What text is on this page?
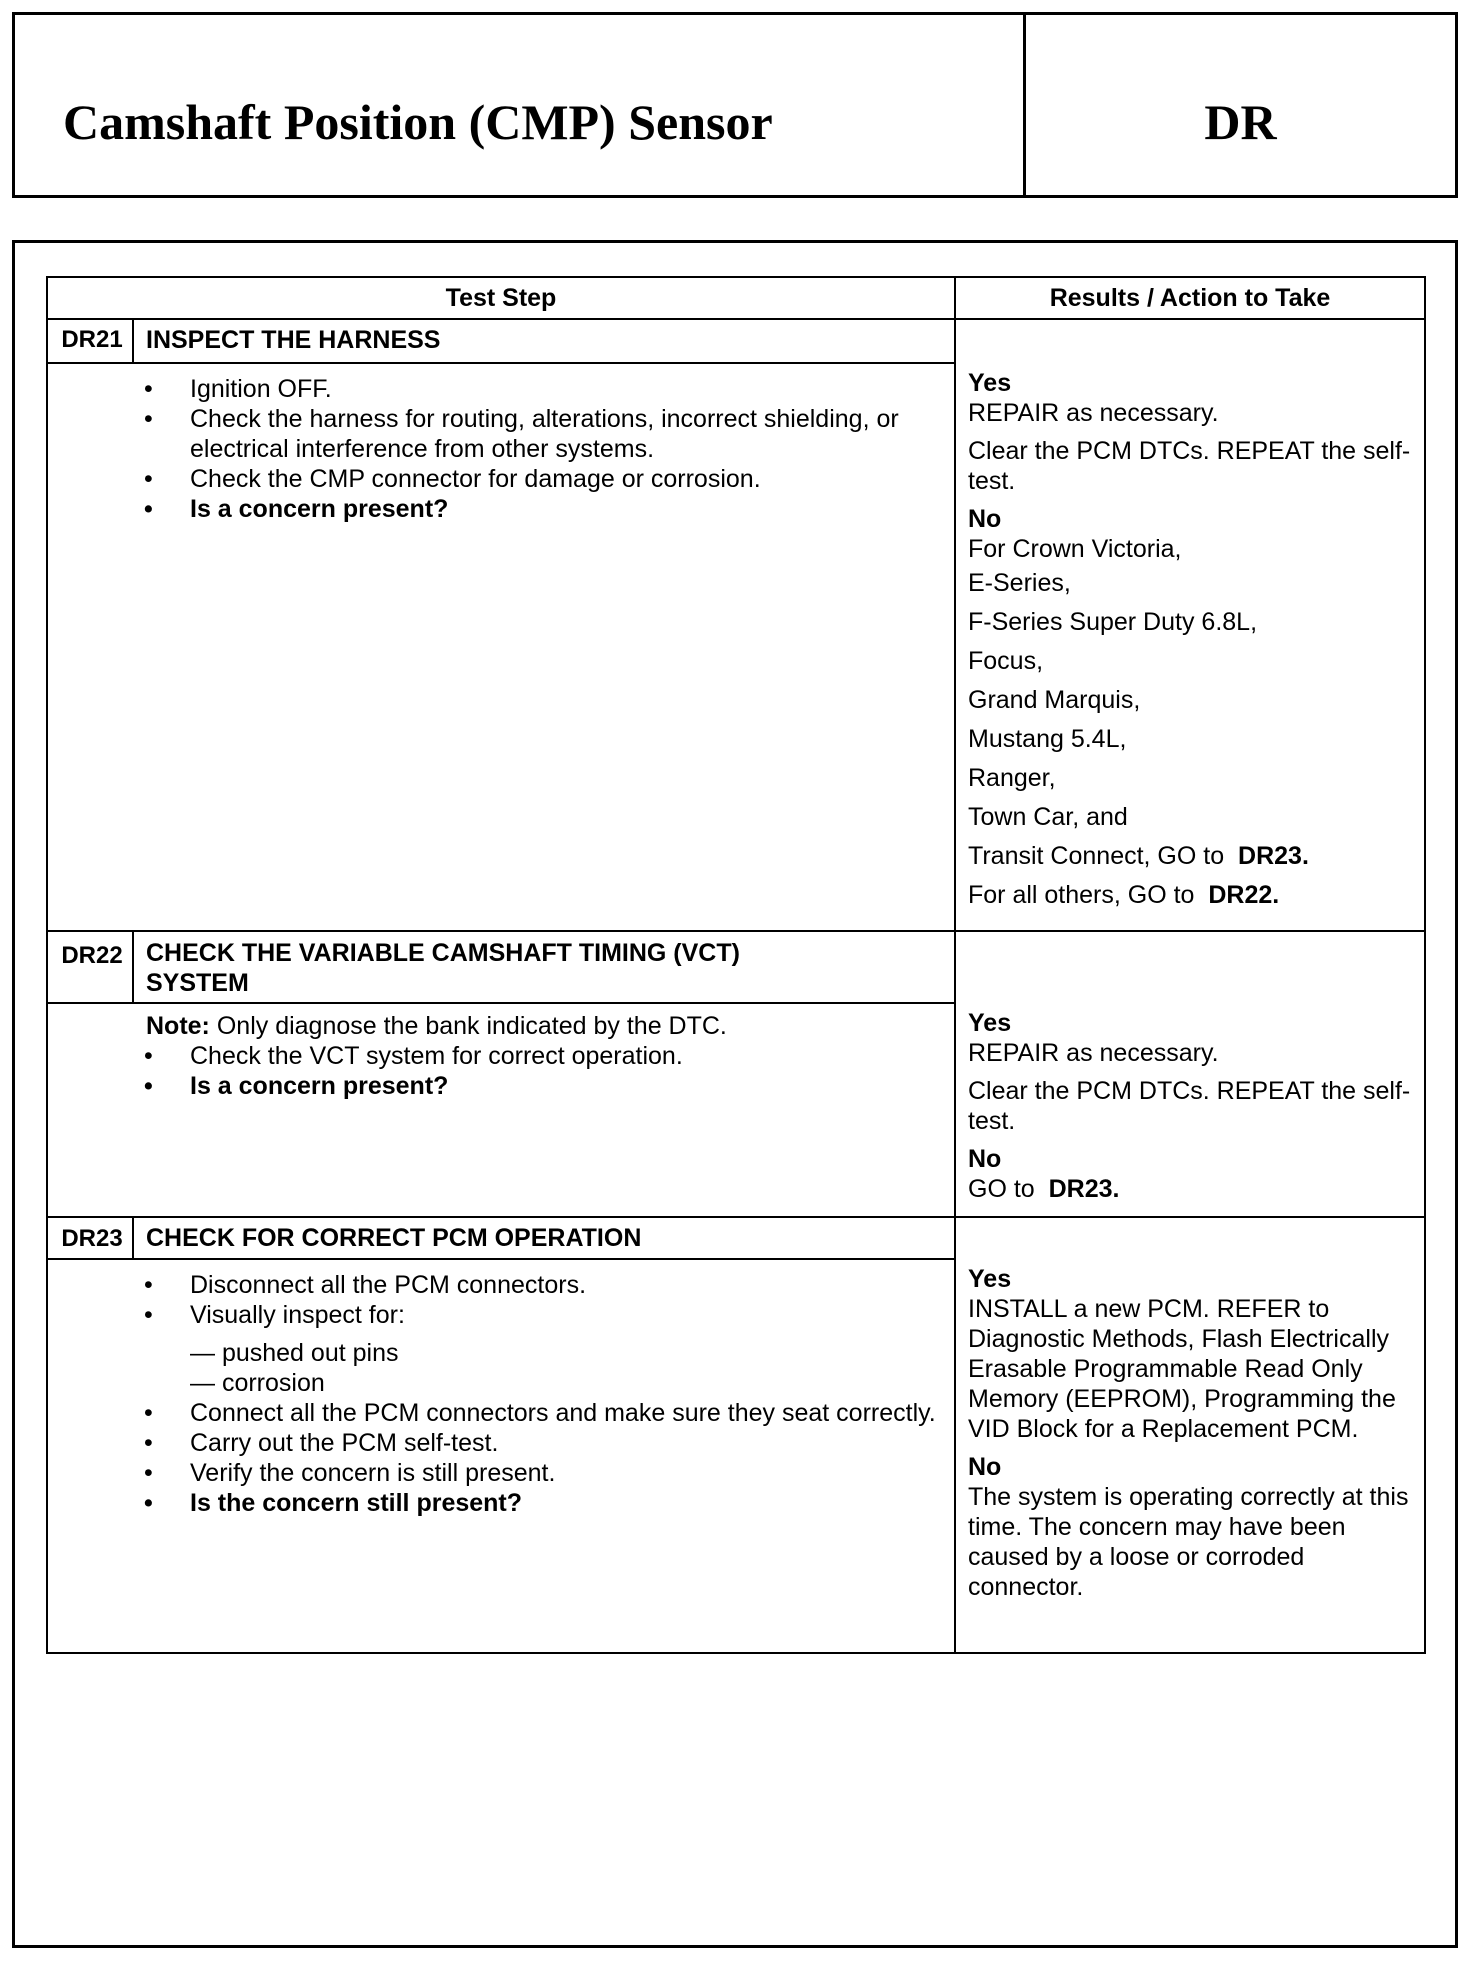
Camshaft Position (CMP) Sensor	DR
Test Step	Results / Action to Take
DR21 INSPECT THE HARNESS
• Ignition OFF.
• Check the harness for routing, alterations, incorrect shielding, or electrical interference from other systems.
• Check the CMP connector for damage or corrosion.
• Is a concern present?
Yes
REPAIR as necessary.
Clear the PCM DTCs. REPEAT the self-test.
No
For Crown Victoria,
E-Series,
F-Series Super Duty 6.8L,
Focus,
Grand Marquis,
Mustang 5.4L,
Ranger,
Town Car, and
Transit Connect, GO to DR23.
For all others, GO to DR22.
DR22 CHECK THE VARIABLE CAMSHAFT TIMING (VCT)
SYSTEM
Note: Only diagnose the bank indicated by the DTC.
• Check the VCT system for correct operation.
• Is a concern present?
Yes
REPAIR as necessary.
Clear the PCM DTCs. REPEAT the self-test.
No
GO to DR23.
DR23 CHECK FOR CORRECT PCM OPERATION
• Disconnect all the PCM connectors.
• Visually inspect for:
— pushed out pins
— corrosion
• Connect all the PCM connectors and make sure they seat correctly.
• Carry out the PCM self-test.
• Verify the concern is still present.
• Is the concern still present?
Yes
INSTALL a new PCM. REFER to Diagnostic Methods, Flash Electrically Erasable Programmable Read Only Memory (EEPROM), Programming the VID Block for a Replacement PCM.
No
The system is operating correctly at this time. The concern may have been caused by a loose or corroded connector.
